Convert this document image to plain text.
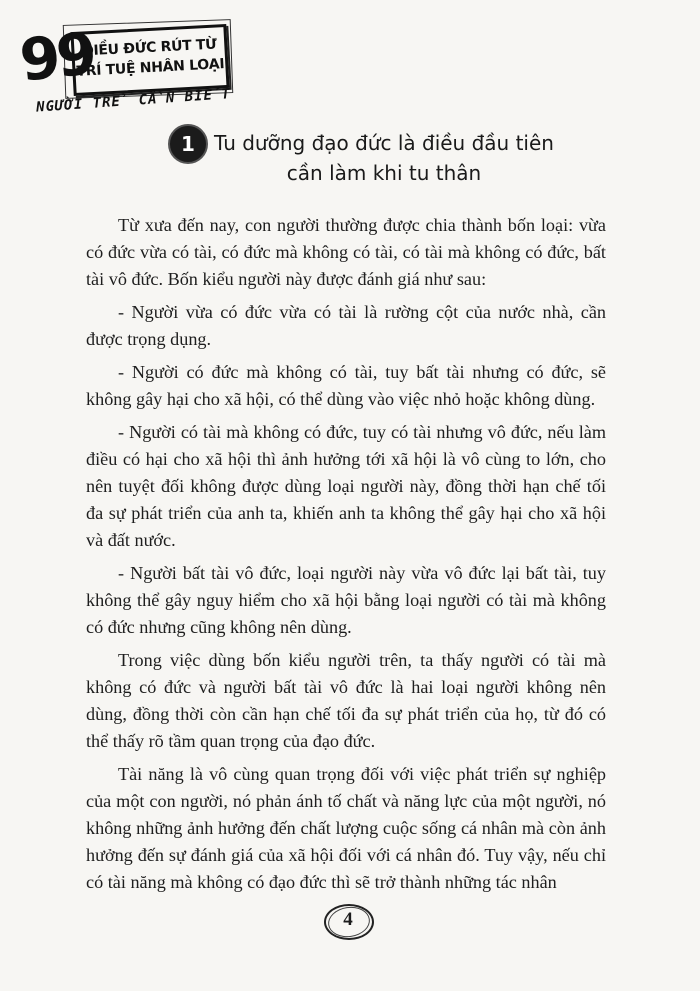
ĐIỀU ĐỨC RÚT TỪ
TRÍ TUỆ NHÂN LOẠI
99
NGƯỜI TRẺ CẦN BIẾT
1 Tu dưỡng đạo đức là điều đầu tiên
cần làm khi tu thân

Từ xưa đến nay, con người thường được chia thành bốn loại: vừa có đức vừa có tài, có đức mà không có tài, có tài mà không có đức, bất tài vô đức. Bốn kiểu người này được đánh giá như sau:

- Người vừa có đức vừa có tài là rường cột của nước nhà, cần được trọng dụng.

- Người có đức mà không có tài, tuy bất tài nhưng có đức, sẽ không gây hại cho xã hội, có thể dùng vào việc nhỏ hoặc không dùng.

- Người có tài mà không có đức, tuy có tài nhưng vô đức, nếu làm điều có hại cho xã hội thì ảnh hưởng tới xã hội là vô cùng to lớn, cho nên tuyệt đối không được dùng loại người này, đồng thời hạn chế tối đa sự phát triển của anh ta, khiến anh ta không thể gây hại cho xã hội và đất nước.

- Người bất tài vô đức, loại người này vừa vô đức lại bất tài, tuy không thể gây nguy hiểm cho xã hội bằng loại người có tài mà không có đức nhưng cũng không nên dùng.

Trong việc dùng bốn kiểu người trên, ta thấy người có tài mà không có đức và người bất tài vô đức là hai loại người không nên dùng, đồng thời còn cần hạn chế tối đa sự phát triển của họ, từ đó có thể thấy rõ tầm quan trọng của đạo đức.

Tài năng là vô cùng quan trọng đối với việc phát triển sự nghiệp của một con người, nó phản ánh tố chất và năng lực của một người, nó không những ảnh hưởng đến chất lượng cuộc sống cá nhân mà còn ảnh hưởng đến sự đánh giá của xã hội đối với cá nhân đó. Tuy vậy, nếu chỉ có tài năng mà không có đạo đức thì sẽ trở thành những tác nhân

4
